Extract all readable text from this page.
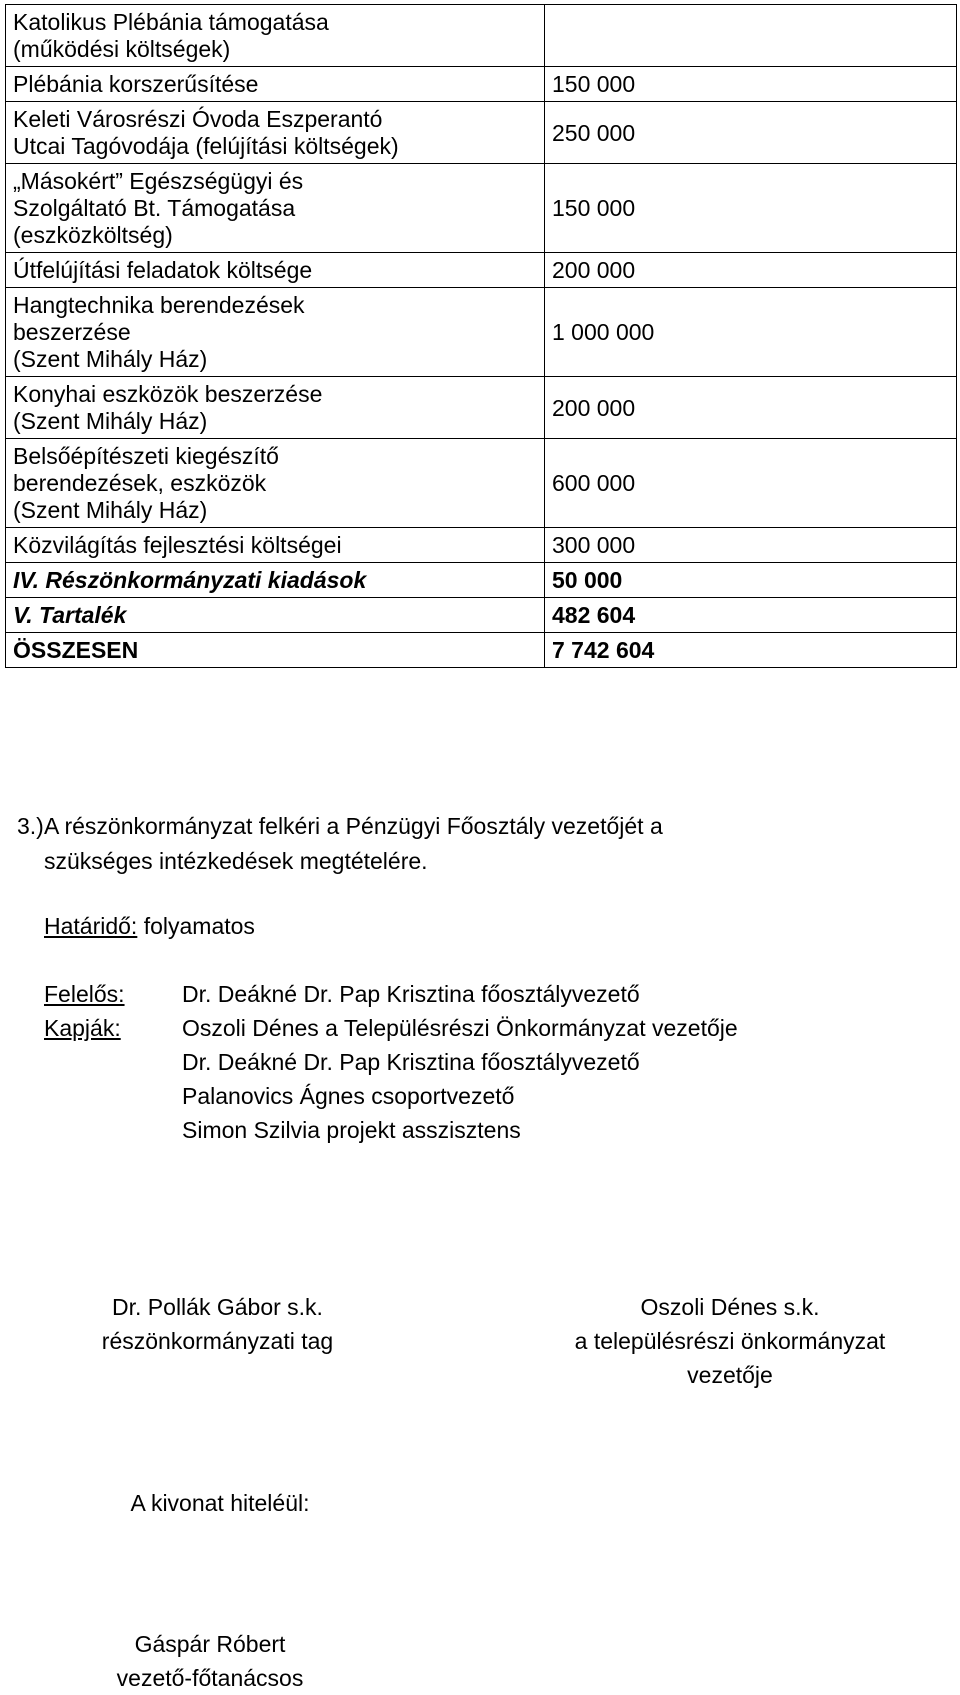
Katolikus Plébánia támogatása
(működési költségek)	

Plébánia korszerűsítése	150 000

Keleti Városrészi Óvoda Eszperantó
Utcai Tagóvodája (felújítási költségek)	250 000

„Másokért” Egészségügyi és
Szolgáltató Bt. Támogatása
(eszközköltség)	150 000

Útfelújítási feladatok költsége	200 000

Hangtechnika berendezések
beszerzése
(Szent Mihály Ház)	1 000 000

Konyhai eszközök beszerzése
(Szent Mihály Ház)	200 000

Belsőépítészeti kiegészítő
berendezések, eszközök
(Szent Mihály Ház)	600 000

Közvilágítás fejlesztési költségei	300 000

IV. Részönkormányzati kiadások	50 000

V. Tartalék	482 604

ÖSSZESEN	7 742 604
3.) A részönkormányzat felkéri a Pénzügyi Főosztály vezetőjét a
szükséges intézkedések megtételére.
Határidő: folyamatos
Felelős: Dr. Deákné Dr. Pap Krisztina főosztályvezető
Kapják:	Oszoli Dénes a Településrészi Önkormányzat vezetője
Dr. Deákné Dr. Pap Krisztina főosztályvezető
Palanovics Ágnes csoportvezető
Simon Szilvia projekt asszisztens
Dr. Pollák Gábor s.k.
részönkormányzati tag
Oszoli Dénes s.k.
a településrészi önkormányzat
vezetője
A kivonat hiteléül:
Gáspár Róbert
vezető-főtanácsos
